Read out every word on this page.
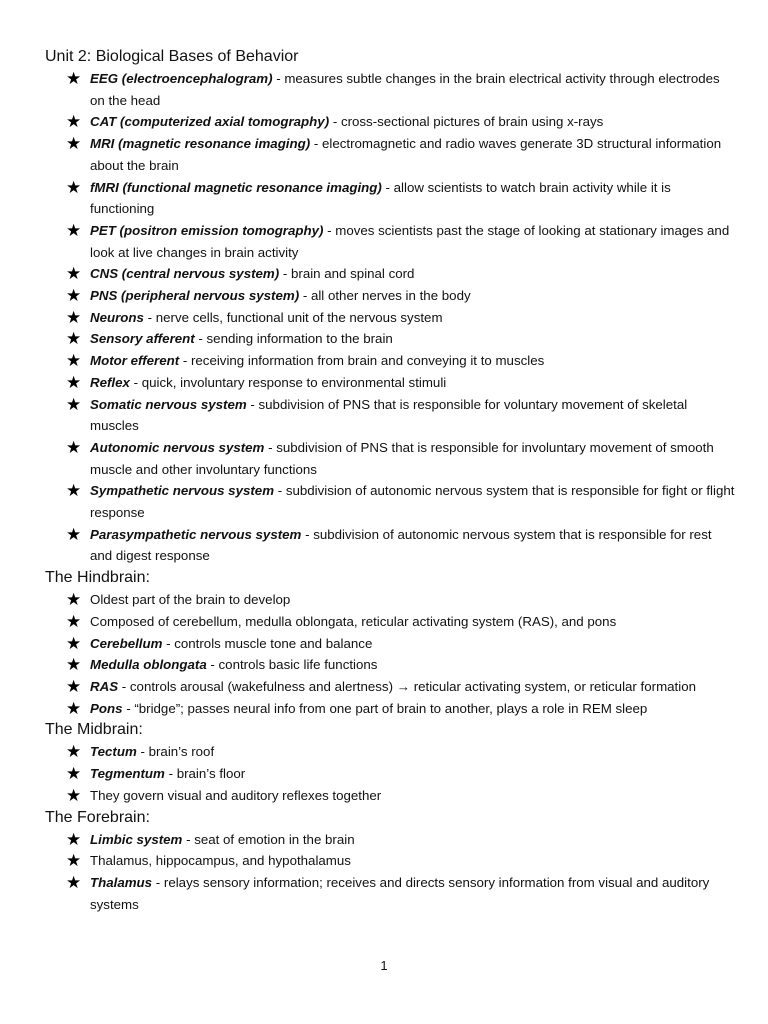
Unit 2: Biological Bases of Behavior
★ EEG (electroencephalogram) - measures subtle changes in the brain electrical activity through electrodes on the head
★ CAT (computerized axial tomography) - cross-sectional pictures of brain using x-rays
★ MRI (magnetic resonance imaging) - electromagnetic and radio waves generate 3D structural information about the brain
★ fMRI (functional magnetic resonance imaging) - allow scientists to watch brain activity while it is functioning
★ PET (positron emission tomography) - moves scientists past the stage of looking at stationary images and look at live changes in brain activity
★ CNS (central nervous system) - brain and spinal cord
★ PNS (peripheral nervous system) - all other nerves in the body
★ Neurons - nerve cells, functional unit of the nervous system
★ Sensory afferent - sending information to the brain
★ Motor efferent - receiving information from brain and conveying it to muscles
★ Reflex - quick, involuntary response to environmental stimuli
★ Somatic nervous system - subdivision of PNS that is responsible for voluntary movement of skeletal muscles
★ Autonomic nervous system - subdivision of PNS that is responsible for involuntary movement of smooth muscle and other involuntary functions
★ Sympathetic nervous system - subdivision of autonomic nervous system that is responsible for fight or flight response
★ Parasympathetic nervous system - subdivision of autonomic nervous system that is responsible for rest and digest response
The Hindbrain:
★ Oldest part of the brain to develop
★ Composed of cerebellum, medulla oblongata, reticular activating system (RAS), and pons
★ Cerebellum - controls muscle tone and balance
★ Medulla oblongata - controls basic life functions
★ RAS - controls arousal (wakefulness and alertness) → reticular activating system, or reticular formation
★ Pons - “bridge”; passes neural info from one part of brain to another, plays a role in REM sleep
The Midbrain:
★ Tectum - brain’s roof
★ Tegmentum - brain’s floor
★ They govern visual and auditory reflexes together
The Forebrain:
★ Limbic system - seat of emotion in the brain
★ Thalamus, hippocampus, and hypothalamus
★ Thalamus - relays sensory information; receives and directs sensory information from visual and auditory systems
1
